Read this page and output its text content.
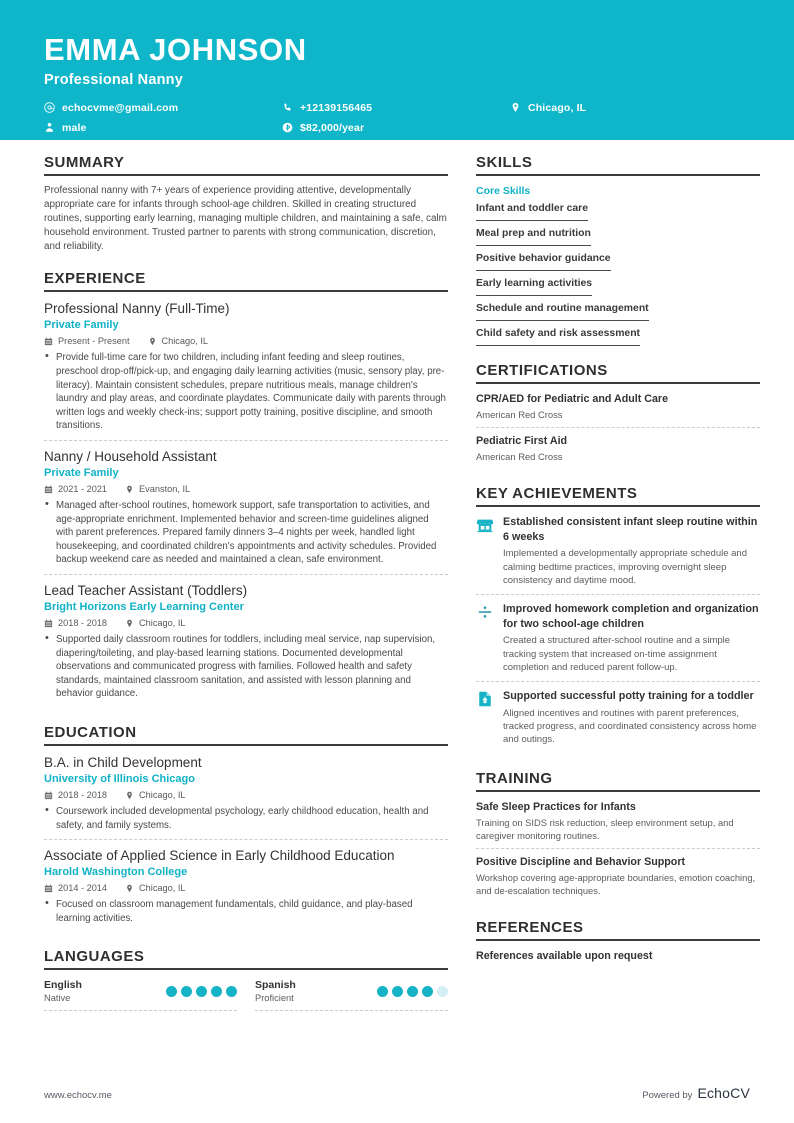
EMMA JOHNSON
Professional Nanny
echocvme@gmail.com	+12139156465	Chicago, IL
male	$82,000/year
SUMMARY
Professional nanny with 7+ years of experience providing attentive, developmentally appropriate care for infants through school-age children. Skilled in creating structured routines, supporting early learning, managing multiple children, and maintaining a safe, calm household environment. Trusted partner to parents with strong communication, discretion, and reliability.
EXPERIENCE
Professional Nanny (Full-Time)
Private Family
Present - Present	Chicago, IL
• Provide full-time care for two children, including infant feeding and sleep routines, preschool drop-off/pick-up, and engaging daily learning activities (music, sensory play, pre-literacy). Maintain consistent schedules, prepare nutritious meals, manage children's laundry and play areas, and coordinate playdates. Communicate daily with parents through written logs and weekly check-ins; support potty training, positive discipline, and smooth transitions.
Nanny / Household Assistant
Private Family
2021 - 2021	Evanston, IL
• Managed after-school routines, homework support, safe transportation to activities, and age-appropriate enrichment. Implemented behavior and screen-time guidelines aligned with parent preferences. Prepared family dinners 3–4 nights per week, handled light housekeeping, and coordinated children's appointments and activity schedules. Provided backup weekend care as needed and maintained a clean, safe environment.
Lead Teacher Assistant (Toddlers)
Bright Horizons Early Learning Center
2018 - 2018	Chicago, IL
• Supported daily classroom routines for toddlers, including meal service, nap supervision, diapering/toileting, and play-based learning stations. Documented developmental observations and communicated progress with families. Followed health and safety standards, maintained classroom sanitation, and assisted with lesson planning and behavior guidance.
EDUCATION
B.A. in Child Development
University of Illinois Chicago
2018 - 2018	Chicago, IL
• Coursework included developmental psychology, early childhood education, health and safety, and family systems.
Associate of Applied Science in Early Childhood Education
Harold Washington College
2014 - 2014	Chicago, IL
• Focused on classroom management fundamentals, child guidance, and play-based learning activities.
LANGUAGES
English
Native
Spanish
Proficient
SKILLS
Core Skills
Infant and toddler care
Meal prep and nutrition
Positive behavior guidance
Early learning activities
Schedule and routine management
Child safety and risk assessment
CERTIFICATIONS
CPR/AED for Pediatric and Adult Care
American Red Cross
Pediatric First Aid
American Red Cross
KEY ACHIEVEMENTS
Established consistent infant sleep routine within 6 weeks
Implemented a developmentally appropriate schedule and calming bedtime practices, improving overnight sleep consistency and daytime mood.
Improved homework completion and organization for two school-age children
Created a structured after-school routine and a simple tracking system that increased on-time assignment completion and reduced parent follow-up.
Supported successful potty training for a toddler
Aligned incentives and routines with parent preferences, tracked progress, and coordinated consistency across home and outings.
TRAINING
Safe Sleep Practices for Infants
Training on SIDS risk reduction, sleep environment setup, and caregiver monitoring routines.
Positive Discipline and Behavior Support
Workshop covering age-appropriate boundaries, emotion coaching, and de-escalation techniques.
REFERENCES
References available upon request
www.echocv.me	Powered by EchoCV
